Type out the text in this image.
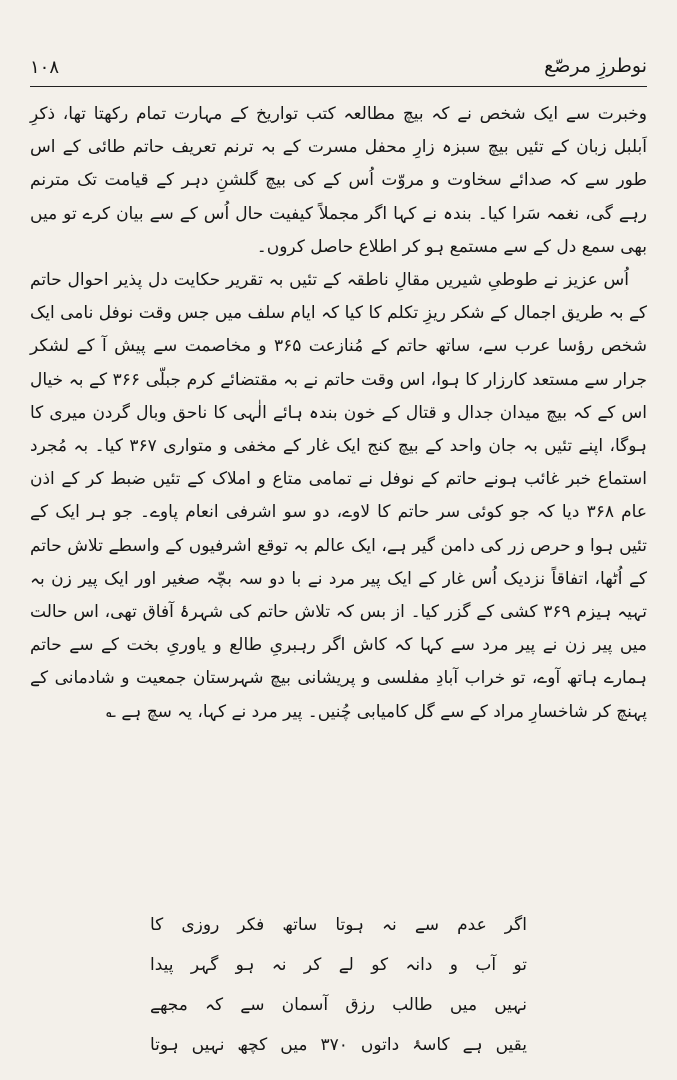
نوطرزِ مرصّع
۱۰۸

وخبرت سے ایک شخص نے کہ بیچ مطالعہ کتب تواریخ کے مہارت تمام رکھتا تھا، ذکرِ اَبلبل زبان کے تئیں بیچ سبزہ زارِ محفل مسرت کے بہ ترنم تعریف حاتم طائی کے اس طور سے کہ صدائے سخاوت و مروّت اُس کے کی بیچ گلشنِ دہر کے قیامت تک مترنم رہے گی، نغمہ سَرا کیا۔ بندہ نے کہا اگر مجملاً کیفیت حال اُس کے سے بیان کرے تو میں بھی سمع دل کے سے مستمع ہو کر اطلاع حاصل کروں۔

اُس عزیز نے طوطیِ شیریں مقالِ ناطقہ کے تئیں بہ تقریر حکایت دل پذیر احوال حاتم کے بہ طریق اجمال کے شکر ریزِ تکلم کا کیا کہ ایام سلف میں جس وقت نوفل نامی ایک شخص رؤسا عرب سے، ساتھ حاتم کے مُنازعت ۳۶۵ و مخاصمت سے پیش آ کے لشکر جرار سے مستعد کارزار کا ہوا، اس وقت حاتم نے بہ مقتضائے کرم جبلّی ۳۶۶ کے بہ خیال اس کے کہ بیچ میدان جدال و قتال کے خون بندہ ہائے الٰہی کا ناحق وبال گردن میری کا ہوگا، اپنے تئیں بہ جان واحد کے بیچ کنج ایک غار کے مخفی و متواری ۳۶۷ کیا۔ بہ مُجرد استماع خبر غائب ہونے حاتم کے نوفل نے تمامی متاع و املاک کے تئیں ضبط کر کے اذن عام ۳۶۸ دیا کہ جو کوئی سر حاتم کا لاوے، دو سو اشرفی انعام پاوے۔ جو ہر ایک کے تئیں ہوا و حرص زر کی دامن گیر ہے، ایک عالم بہ توقع اشرفیوں کے واسطے تلاش حاتم کے اُٹھا، اتفاقاً نزدیک اُس غار کے ایک پیر مرد نے با دو سہ بچّہ صغیر اور ایک پیر زن بہ تہیہ ہیزم ۳۶۹ کشی کے گزر کیا۔ از بس کہ تلاش حاتم کی شہرۂ آفاق تھی، اس حالت میں پیر زن نے پیر مرد سے کہا کہ کاش اگر رہبریِ طالع و یاوریِ بخت کے سے حاتم ہمارے ہاتھ آوے، تو خراب آبادِ مفلسی و پریشانی بیچ شہرستان جمعیت و شادمانی کے پہنچ کر شاخسارِ مراد کے سے گل کامیابی چُنیں۔ پیر مرد نے کہا، یہ سچ ہے ؎

اگر عدم سے نہ ہوتا ساتھ فکر روزی کا

تو آب و دانہ کو لے کر نہ ہو گہر پیدا

نہیں میں طالب رزق آسمان سے کہ مجھے

یقیں ہے کاسۂ داتوں ۳۷۰ میں کچھ نہیں ہوتا
